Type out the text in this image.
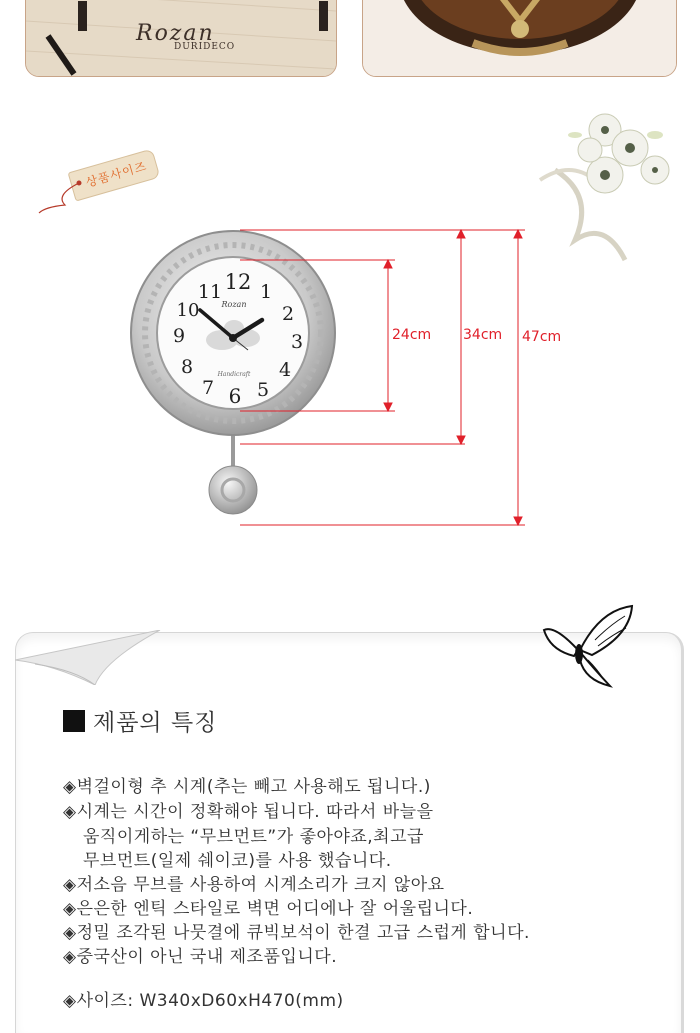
Rozan
DURIDECO
상품사이즈
12 1
2
3
4
5
6
7
8
9
10
11
Rozan
Handicraft
24cm 34cm 47cm
제품의 특징
◈벽걸이형 추 시계(추는 빼고 사용해도 됩니다.)
◈시계는 시간이 정확해야 됩니다. 따라서 바늘을
움직이게하는 “무브먼트”가 좋아야죠,최고급
무브먼트(일제 쉐이코)를 사용 했습니다.
◈저소음 무브를 사용하여 시계소리가 크지 않아요
◈은은한 엔틱 스타일로 벽면 어디에나 잘 어울립니다.
◈정밀 조각된 나뭇결에 큐빅보석이 한결 고급 스럽게 합니다.
◈중국산이 아닌 국내 제조품입니다.
◈사이즈: W340xD60xH470(mm)
